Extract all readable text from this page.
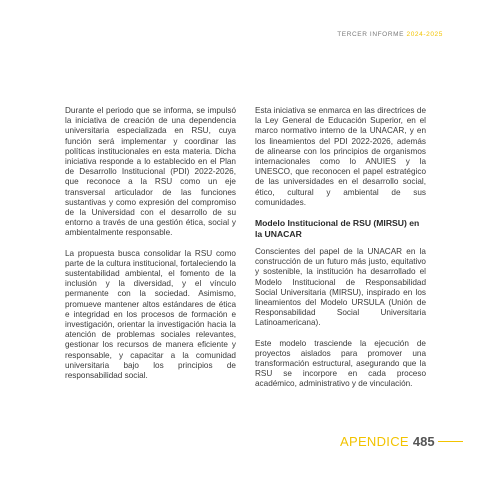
TERCER INFORME 2024-2025

Durante el periodo que se informa, se impulsó la iniciativa de creación de una dependencia universitaria especializada en RSU, cuya función será implementar y coordinar las políticas institucionales en esta materia. Dicha iniciativa responde a lo establecido en el Plan de Desarrollo Institucional (PDI) 2022-2026, que reconoce a la RSU como un eje transversal articulador de las funciones sustantivas y como expresión del compromiso de la Universidad con el desarrollo de su entorno a través de una gestión ética, social y ambientalmente responsable.

La propuesta busca consolidar la RSU como parte de la cultura institucional, fortaleciendo la sustentabilidad ambiental, el fomento de la inclusión y la diversidad, y el vínculo permanente con la sociedad. Asimismo, promueve mantener altos estándares de ética e integridad en los procesos de formación e investigación, orientar la investigación hacia la atención de problemas sociales relevantes, gestionar los recursos de manera eficiente y responsable, y capacitar a la comunidad universitaria bajo los principios de responsabilidad social.

Esta iniciativa se enmarca en las directrices de la Ley General de Educación Superior, en el marco normativo interno de la UNACAR, y en los lineamientos del PDI 2022-2026, además de alinearse con los principios de organismos internacionales como lo ANUIES y la UNESCO, que reconocen el papel estratégico de las universidades en el desarrollo social, ético, cultural y ambiental de sus comunidades.

Modelo Institucional de RSU (MIRSU) en la UNACAR

Conscientes del papel de la UNACAR en la construcción de un futuro más justo, equitativo y sostenible, la institución ha desarrollado el Modelo Institucional de Responsabilidad Social Universitaria (MIRSU), inspirado en los lineamientos del Modelo URSULA (Unión de Responsabilidad Social Universitaria Latinoamericana).

Este modelo trasciende la ejecución de proyectos aislados para promover una transformación estructural, asegurando que la RSU se incorpore en cada proceso académico, administrativo y de vinculación.

APENDICE 485
